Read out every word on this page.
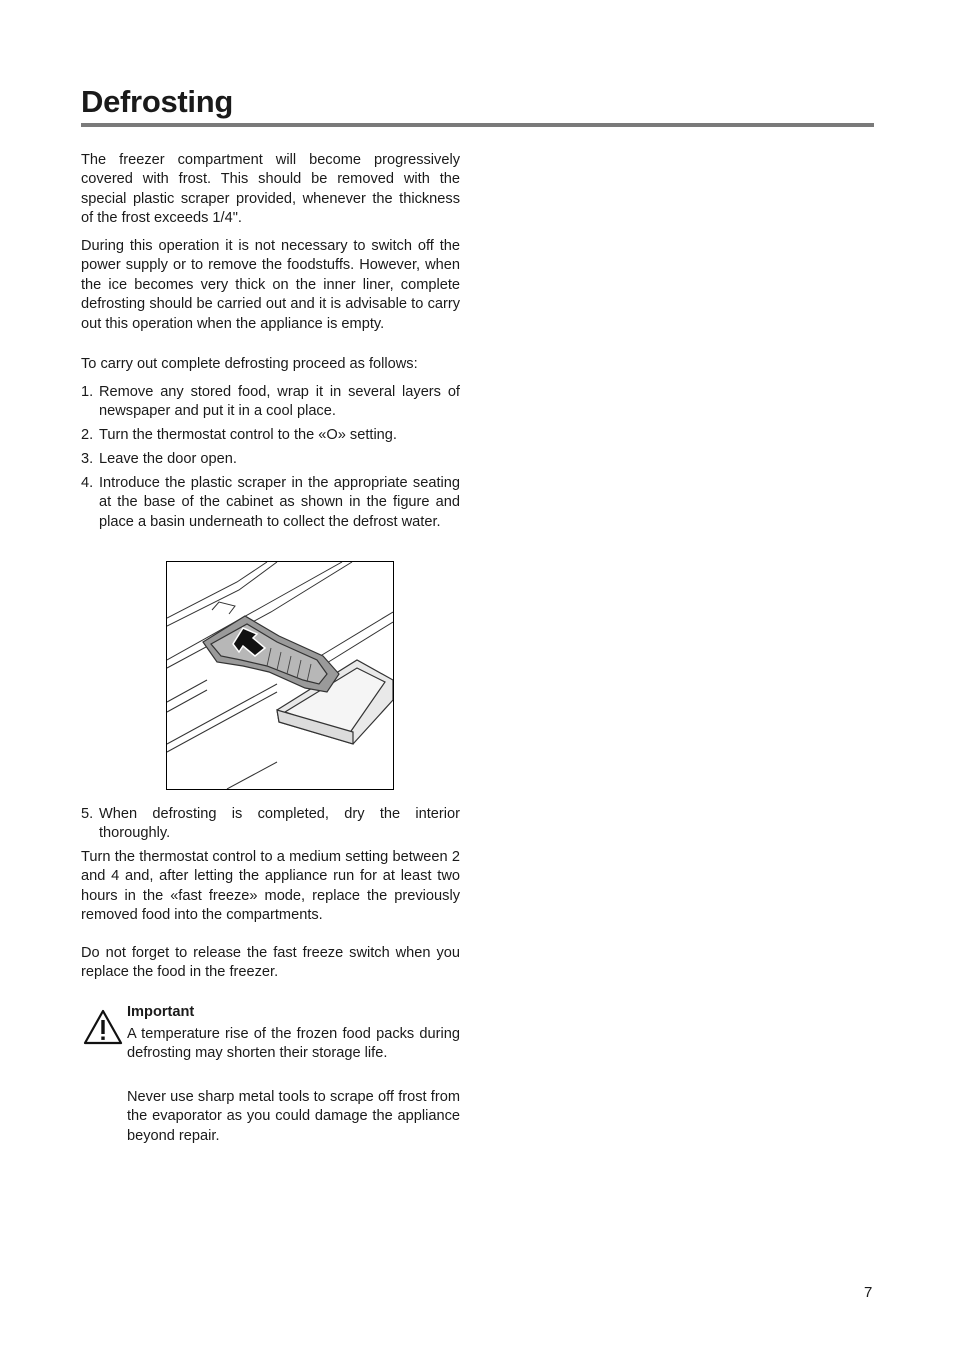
Defrosting

The freezer compartment will become progressively covered with frost. This should be removed with the special plastic scraper provided, whenever the thickness of the frost exceeds 1/4".

During this operation it is not necessary to switch off the power supply or to remove the foodstuffs. However, when the ice becomes very thick on the inner liner, complete defrosting should be carried out and it is advisable to carry out this operation when the appliance is empty.

To carry out complete defrosting proceed as follows:

1. Remove any stored food, wrap it in several layers of newspaper and put it in a cool place.
2. Turn the thermostat control to the «O» setting.
3. Leave the door open.
4. Introduce the plastic scraper in the appropriate seating at the base of the cabinet as shown in the figure and place a basin underneath to collect the defrost water.
5. When defrosting is completed, dry the interior thoroughly.

Turn the thermostat control to a medium setting between 2 and 4 and, after letting the appliance run for at least two hours in the «fast freeze» mode, replace the previously removed food into the compartments.

Do not forget to release the fast freeze switch when you replace the food in the freezer.

Important
A temperature rise of the frozen food packs during defrosting may shorten their storage life.
Never use sharp metal tools to scrape off frost from the evaporator as you could damage the appliance beyond repair.
7
